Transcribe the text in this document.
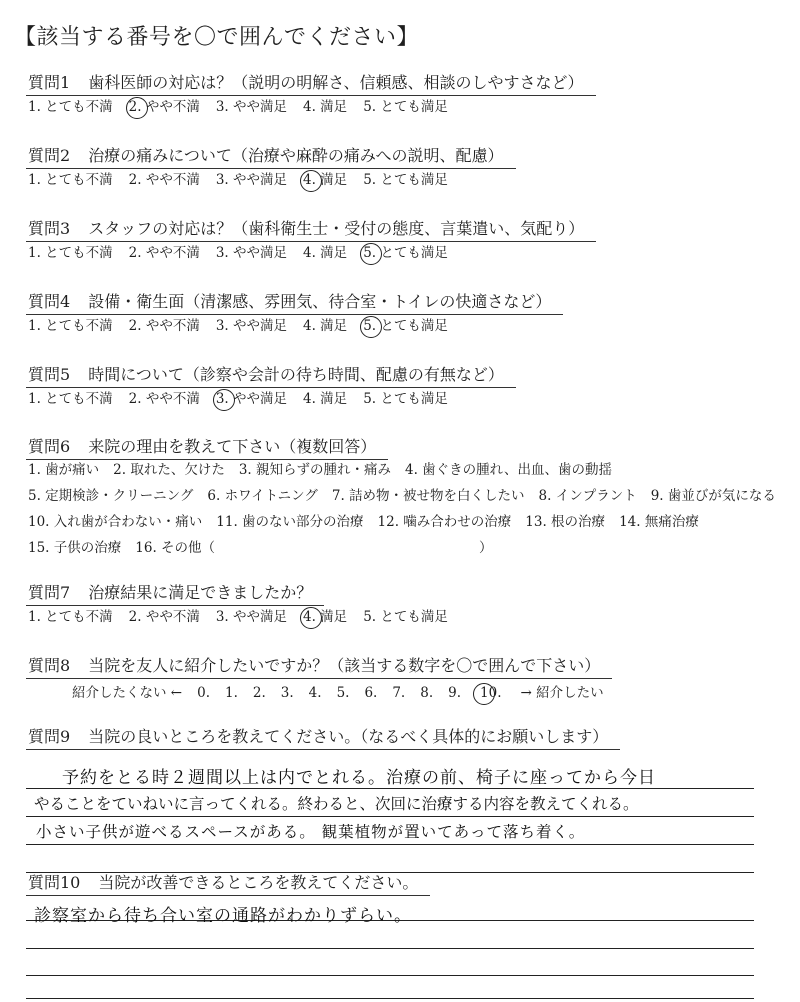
【該当する番号を〇で囲んでください】
質問1 歯科医師の対応は？（説明の明解さ、信頼感、相談のしやすさなど）
1. とても不満 2. やや不満 3. やや満足 4. 満足 5. とても満足
質問2 治療の痛みについて（治療や麻酔の痛みへの説明、配慮）
1. とても不満 2. やや不満 3. やや満足 4. 満足 5. とても満足
質問3 スタッフの対応は？（歯科衛生士・受付の態度、言葉遣い、気配り）
1. とても不満 2. やや不満 3. やや満足 4. 満足 5. とても満足
質問4 設備・衛生面（清潔感、雰囲気、待合室・トイレの快適さなど）
1. とても不満 2. やや不満 3. やや満足 4. 満足 5. とても満足
質問5 時間について（診察や会計の待ち時間、配慮の有無など）
1. とても不満 2. やや不満 3. やや満足 4. 満足 5. とても満足
質問6 来院の理由を教えて下さい（複数回答）
1. 歯が痛い 2. 取れた、欠けた 3. 親知らずの腫れ・痛み 4. 歯ぐきの腫れ、出血、歯の動揺
5. 定期検診・クリーニング 6. ホワイトニング 7. 詰め物・被せ物を白くしたい 8. インプラント 9. 歯並びが気になる
10. 入れ歯が合わない・痛い 11. 歯のない部分の治療 12. 噛み合わせの治療 13. 根の治療 14. 無痛治療
15. 子供の治療 16. その他（	）
質問7 治療結果に満足できましたか？
1. とても不満 2. やや不満 3. やや満足 4. 満足 5. とても満足
質問8 当院を友人に紹介したいですか？（該当する数字を〇で囲んで下さい）
紹介したくない ← 0. 1. 2. 3. 4. 5. 6. 7. 8. 9. 10. → 紹介したい
質問9 当院の良いところを教えてください。（なるべく具体的にお願いします）
予約をとる時２週間以上は内でとれる。治療の前、椅子に座ってから今日
やることをていねいに言ってくれる。終わると、次回に治療する内容を教えてくれる。
小さい子供が遊べるスペースがある。 観葉植物が置いてあって落ち着く。
質問10 当院が改善できるところを教えてください。
診察室から待ち合い室の通路がわかりずらい。
